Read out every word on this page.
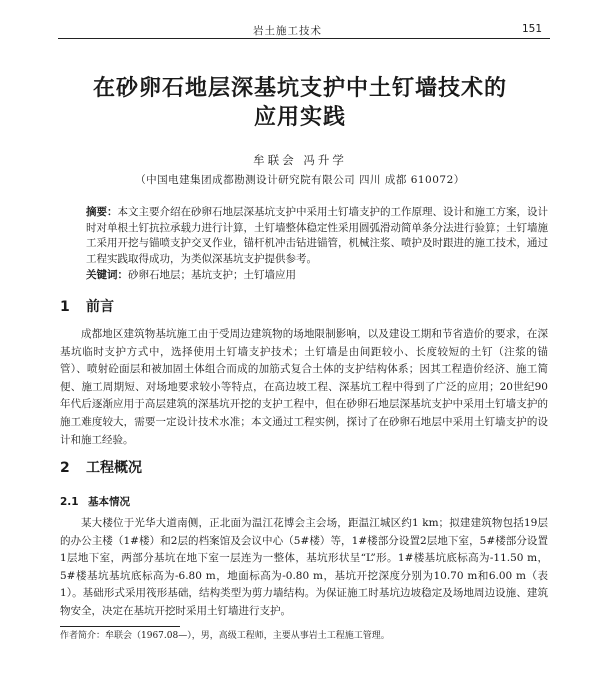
岩土施工技术	151
在砂卵石地层深基坑支护中土钉墙技术的
应用实践
牟联会 冯升学
（中国电建集团成都勘测设计研究院有限公司 四川 成都 610072）
摘要：本文主要介绍在砂卵石地层深基坑支护中采用土钉墙支护的工作原理、设计和施工方案，设计时对单根土钉抗拉承载力进行计算，土钉墙整体稳定性采用圆弧滑动简单条分法进行验算；土钉墙施工采用开挖与锚喷支护交叉作业，锚杆机冲击钻进锚管，机械注浆、喷护及时跟进的施工技术，通过工程实践取得成功，为类似深基坑支护提供参考。
关键词：砂卵石地层；基坑支护；土钉墙应用
1 前言
成都地区建筑物基坑施工由于受周边建筑物的场地限制影响，以及建设工期和节省造价的要求，在深基坑临时支护方式中，选择使用土钉墙支护技术；土钉墙是由间距较小、长度较短的土钉（注浆的锚管）、喷射砼面层和被加固土体组合而成的加筋式复合土体的支护结构体系；因其工程造价经济、施工简便、施工周期短、对场地要求较小等特点，在高边坡工程、深基坑工程中得到了广泛的应用；20世纪90年代后逐渐应用于高层建筑的深基坑开挖的支护工程中，但在砂卵石地层深基坑支护中采用土钉墙支护的施工难度较大，需要一定设计技术水准；本文通过工程实例，探讨了在砂卵石地层中采用土钉墙支护的设计和施工经验。
2 工程概况
2.1 基本情况
某大楼位于光华大道南侧，正北面为温江花博会主会场，距温江城区约1 km；拟建建筑物包括19层的办公主楼（1#楼）和2层的档案馆及会议中心（5#楼）等，1#楼部分设置2层地下室，5#楼部分设置1层地下室，两部分基坑在地下室一层连为一整体，基坑形状呈“L”形。1#楼基坑底标高为-11.50 m，5#楼基坑基坑底标高为-6.80 m，地面标高为-0.80 m，基坑开挖深度分别为10.70 m和6.00 m（表1）。基础形式采用筏形基础，结构类型为剪力墙结构。为保证施工时基坑边坡稳定及场地周边设施、建筑物安全，决定在基坑开挖时采用土钉墙进行支护。
作者简介：牟联会（1967.08—），男，高级工程师，主要从事岩土工程施工管理。
